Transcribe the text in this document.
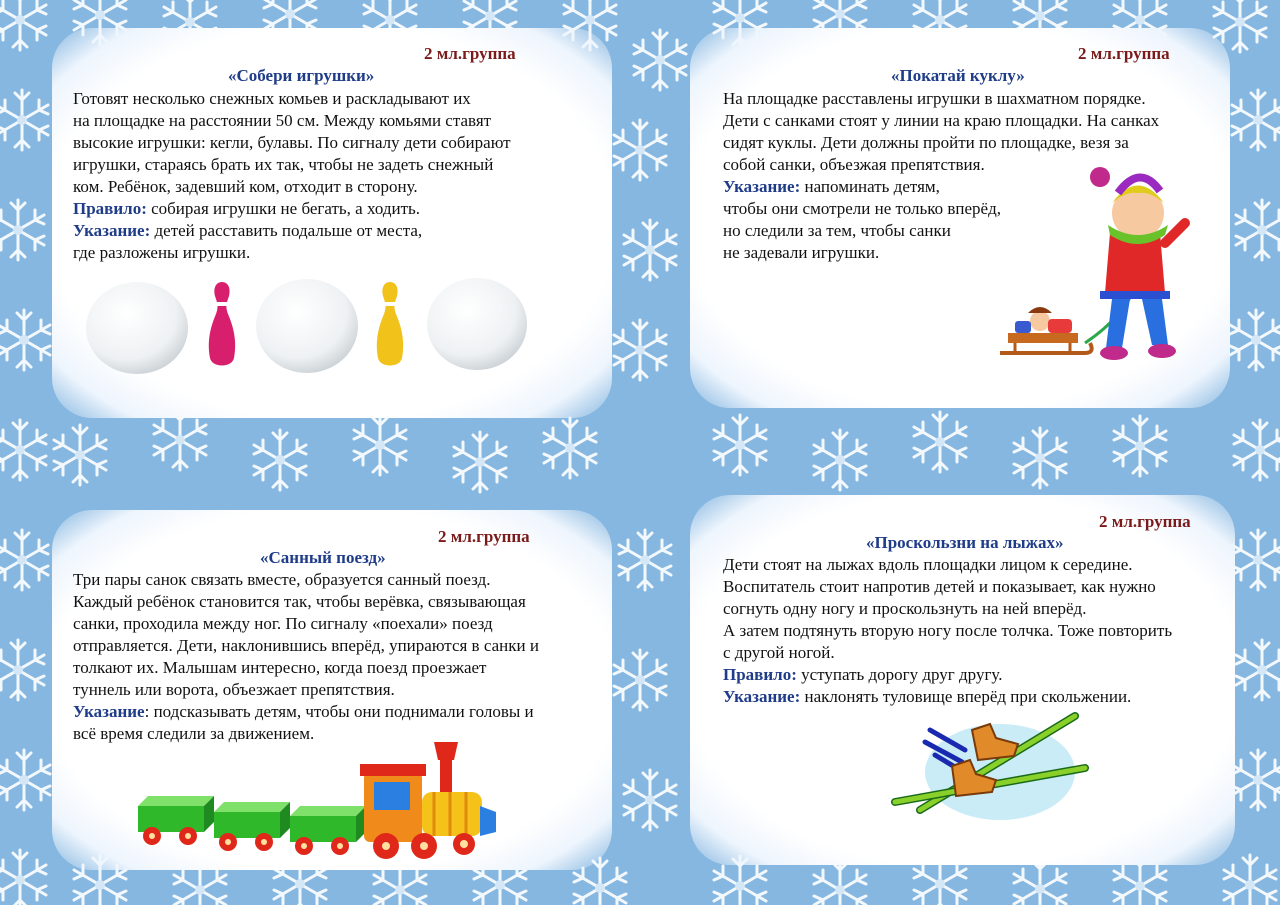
2 мл.группа
«Собери игрушки»
Готовят несколько снежных комьев и раскладывают их
на площадке на расстоянии 50 см. Между комьями ставят
высокие игрушки: кегли, булавы. По сигналу дети собирают
игрушки, стараясь брать их так, чтобы не задеть снежный
ком. Ребёнок, задевший ком, отходит в сторону.
Правило: собирая игрушки не бегать, а ходить.
Указание: детей расставить подальше от места,
где разложены игрушки.
2 мл.группа
«Покатай куклу»
На площадке расставлены игрушки в шахматном порядке.
Дети с санками стоят у линии на краю площадки. На санках
сидят куклы. Дети должны пройти по площадке, везя за
собой санки, объезжая препятствия.
Указание: напоминать детям,
чтобы они смотрели не только вперёд,
но следили за тем, чтобы санки
не задевали игрушки.
2 мл.группа
«Санный поезд»
Три пары санок связать вместе, образуется санный поезд.
Каждый ребёнок становится так, чтобы верёвка, связывающая
санки, проходила между ног. По сигналу «поехали» поезд
отправляется. Дети, наклонившись вперёд, упираются в санки и
толкают их. Малышам интересно, когда поезд проезжает
туннель или ворота, объезжает препятствия.
Указание: подсказывать детям, чтобы они поднимали головы и
всё время следили за движением.
2 мл.группа
«Проскользни на лыжах»
Дети стоят на лыжах вдоль площадки лицом к середине.
Воспитатель стоит напротив детей и показывает, как нужно
согнуть одну ногу и проскользнуть на ней вперёд.
А затем подтянуть вторую ногу после толчка. Тоже повторить
с другой ногой.
Правило: уступать дорогу друг другу.
Указание: наклонять туловище вперёд при скольжении.
